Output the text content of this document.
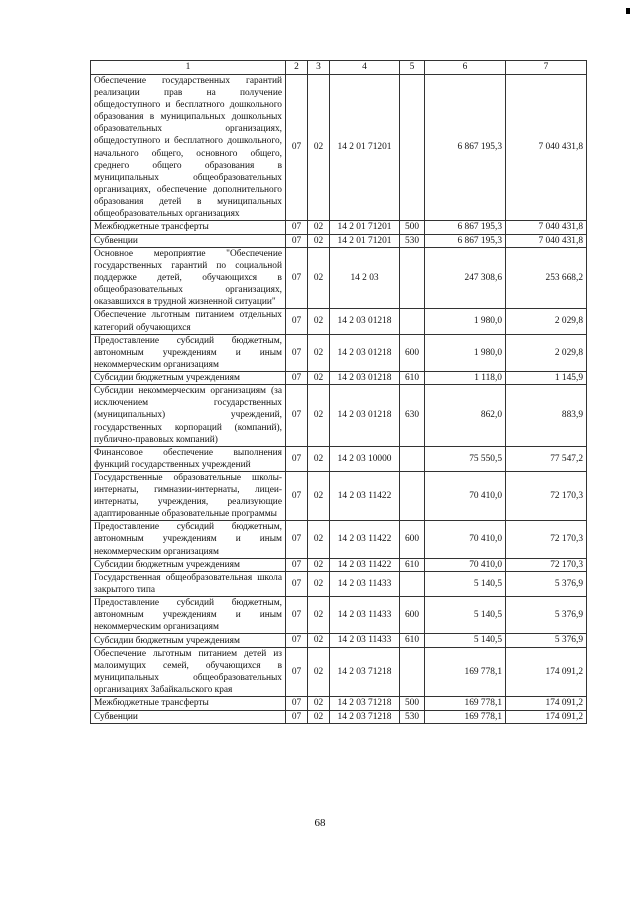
1	2	3	4	5	6	7
Обеспечение государственных гарантий реализации прав на получение общедоступного и бесплатного дошкольного образования в муниципальных дошкольных образовательных организациях, общедоступного и бесплатного дошкольного, начального общего, основного общего, среднего общего образования в муниципальных общеобразовательных организациях, обеспечение дополнительного образования детей в муниципальных общеобразовательных организациях	07	02	14 2 01 71201		6 867 195,3	7 040 431,8
Межбюджетные трансферты	07	02	14 2 01 71201	500	6 867 195,3	7 040 431,8
Субвенции	07	02	14 2 01 71201	530	6 867 195,3	7 040 431,8
Основное мероприятие "Обеспечение государственных гарантий по социальной поддержке детей, обучающихся в общеобразовательных организациях, оказавшихся в трудной жизненной ситуации"	07	02	14 2 03		247 308,6	253 668,2
Обеспечение льготным питанием отдельных категорий обучающихся	07	02	14 2 03 01218		1 980,0	2 029,8
Предоставление субсидий бюджетным, автономным учреждениям и иным некоммерческим организациям	07	02	14 2 03 01218	600	1 980,0	2 029,8
Субсидии бюджетным учреждениям	07	02	14 2 03 01218	610	1 118,0	1 145,9
Субсидии некоммерческим организациям (за исключением государственных (муниципальных) учреждений, государственных корпораций (компаний), публично-правовых компаний)	07	02	14 2 03 01218	630	862,0	883,9
Финансовое обеспечение выполнения функций государственных учреждений	07	02	14 2 03 10000		75 550,5	77 547,2
Государственные образовательные школы-интернаты, гимназии-интернаты, лицеи-интернаты, учреждения, реализующие адаптированные образовательные программы	07	02	14 2 03 11422		70 410,0	72 170,3
Предоставление субсидий бюджетным, автономным учреждениям и иным некоммерческим организациям	07	02	14 2 03 11422	600	70 410,0	72 170,3
Субсидии бюджетным учреждениям	07	02	14 2 03 11422	610	70 410,0	72 170,3
Государственная общеобразовательная школа закрытого типа	07	02	14 2 03 11433		5 140,5	5 376,9
Предоставление субсидий бюджетным, автономным учреждениям и иным некоммерческим организациям	07	02	14 2 03 11433	600	5 140,5	5 376,9
Субсидии бюджетным учреждениям	07	02	14 2 03 11433	610	5 140,5	5 376,9
Обеспечение льготным питанием детей из малоимущих семей, обучающихся в муниципальных общеобразовательных организациях Забайкальского края	07	02	14 2 03 71218		169 778,1	174 091,2
Межбюджетные трансферты	07	02	14 2 03 71218	500	169 778,1	174 091,2
Субвенции	07	02	14 2 03 71218	530	169 778,1	174 091,2
68
